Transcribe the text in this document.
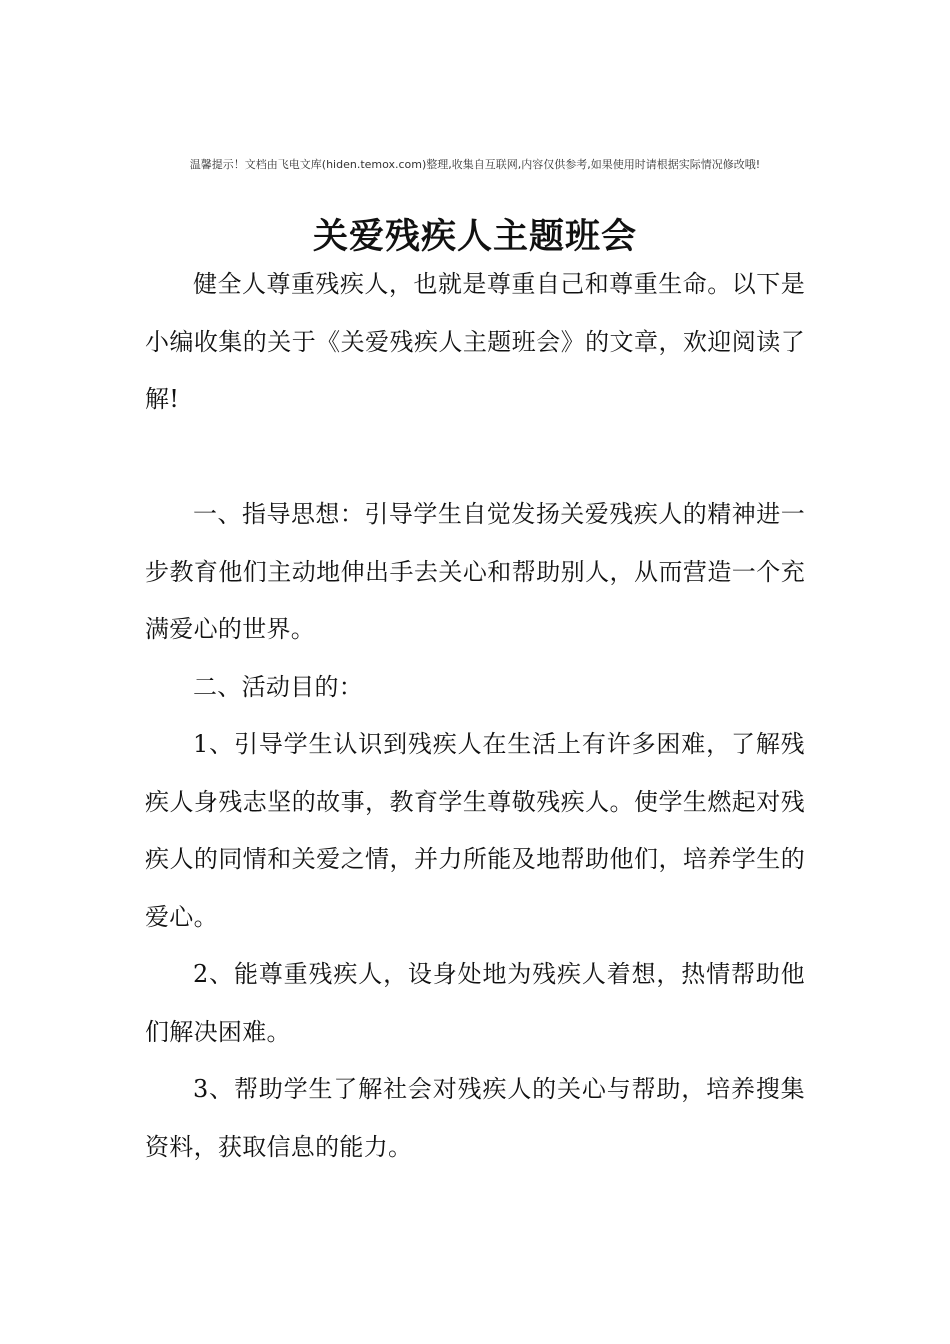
温馨提示！文档由飞电文库(hiden.temox.com)整理,收集自互联网,内容仅供参考,如果使用时请根据实际情况修改哦!
关爱残疾人主题班会

健全人尊重残疾人，也就是尊重自己和尊重生命。以下是小编收集的关于《关爱残疾人主题班会》的文章，欢迎阅读了解!

一、指导思想：引导学生自觉发扬关爱残疾人的精神进一步教育他们主动地伸出手去关心和帮助别人，从而营造一个充满爱心的世界。

二、活动目的：

1、引导学生认识到残疾人在生活上有许多困难，了解残疾人身残志坚的故事，教育学生尊敬残疾人。使学生燃起对残疾人的同情和关爱之情，并力所能及地帮助他们，培养学生的爱心。

2、能尊重残疾人，设身处地为残疾人着想，热情帮助他们解决困难。

3、帮助学生了解社会对残疾人的关心与帮助，培养搜集资料，获取信息的能力。
